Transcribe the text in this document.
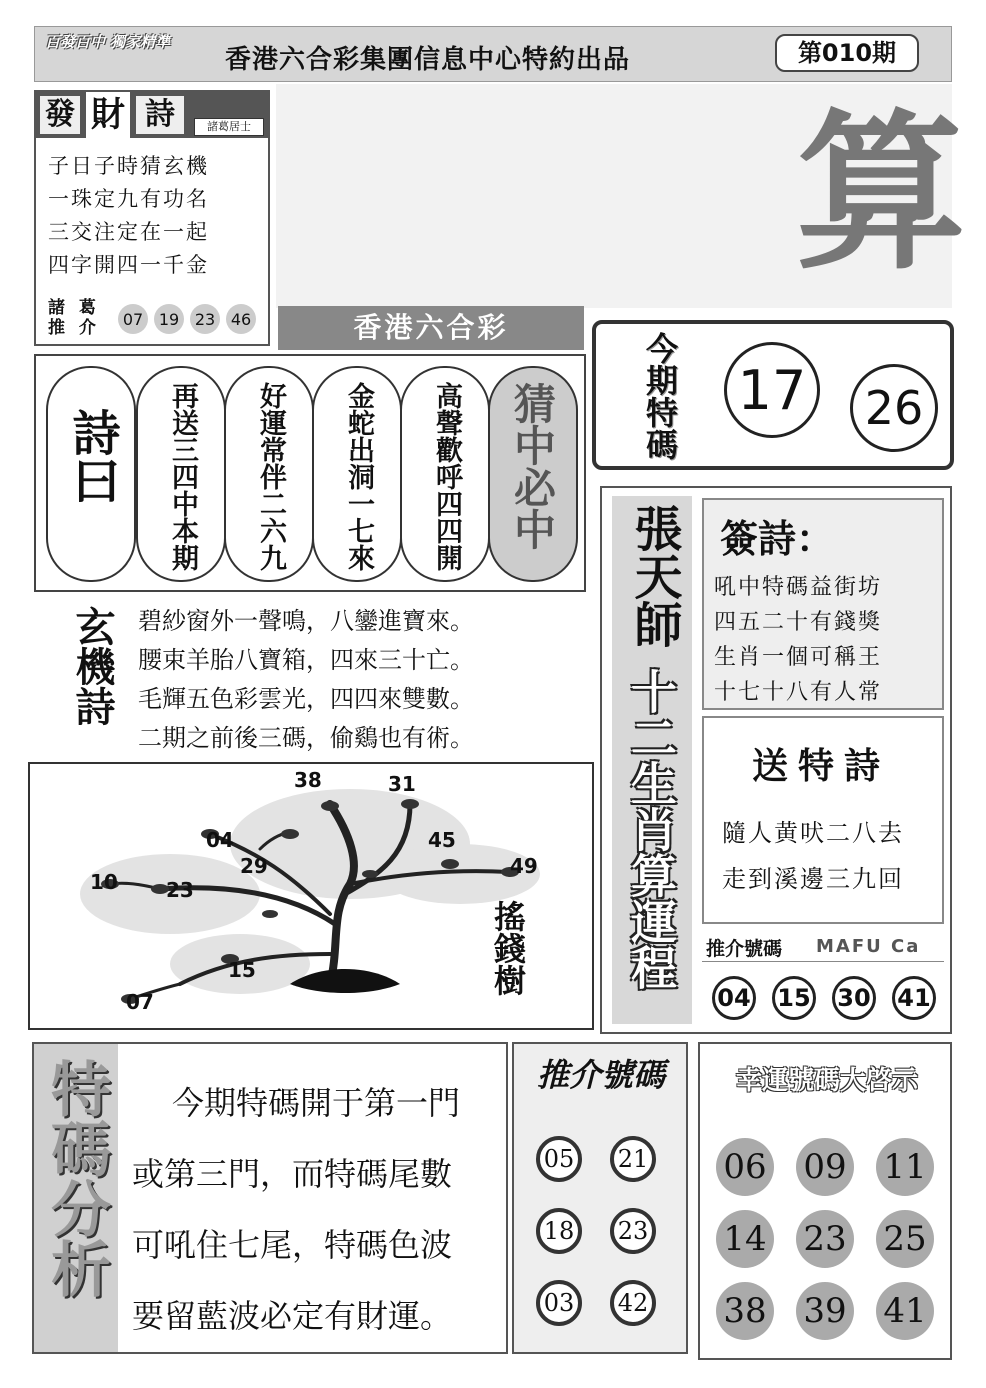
百發百中 獨家精準
香港六合彩集團信息中心特約出品	第010期
發 財 詩	諸葛居士
子日子時猜玄機
一珠定九有功名
三交注定在一起
四字開四一千金
諸 葛
推 介	07 19 23 46
算
香港六合彩
今期特碼 17	26
詩曰 再送三四中本期 好運常伴二六九 金蛇出洞一七來 高聲歡呼四四開 猜中必中
玄機詩 碧紗窗外一聲鳴，八鑾進寶來。
腰束羊胎八寶箱，四來三十亡。
毛輝五色彩雲光，四四來雙數。
二期之前後三碼，偷鷄也有術。
38	31
04	45
29	49
10 23
15
07
搖錢樹
張天師
十二生肖算運程
簽詩：
吼中特碼益街坊
四五二十有錢獎
生肖一個可稱王
十七十八有人常
送特詩
隨人黄吠二八去
走到溪邊三九回
推介號碼 MAFU Ca
04 15 30 41
特碼分析	今期特碼開于第一門
或第三門，而特碼尾數
可吼住七尾，特碼色波
要留藍波必定有財運。
推介號碼
05	21
18	23
03	42
幸運號碼大啓示
06 09 11
14 23 25
38 39 41
